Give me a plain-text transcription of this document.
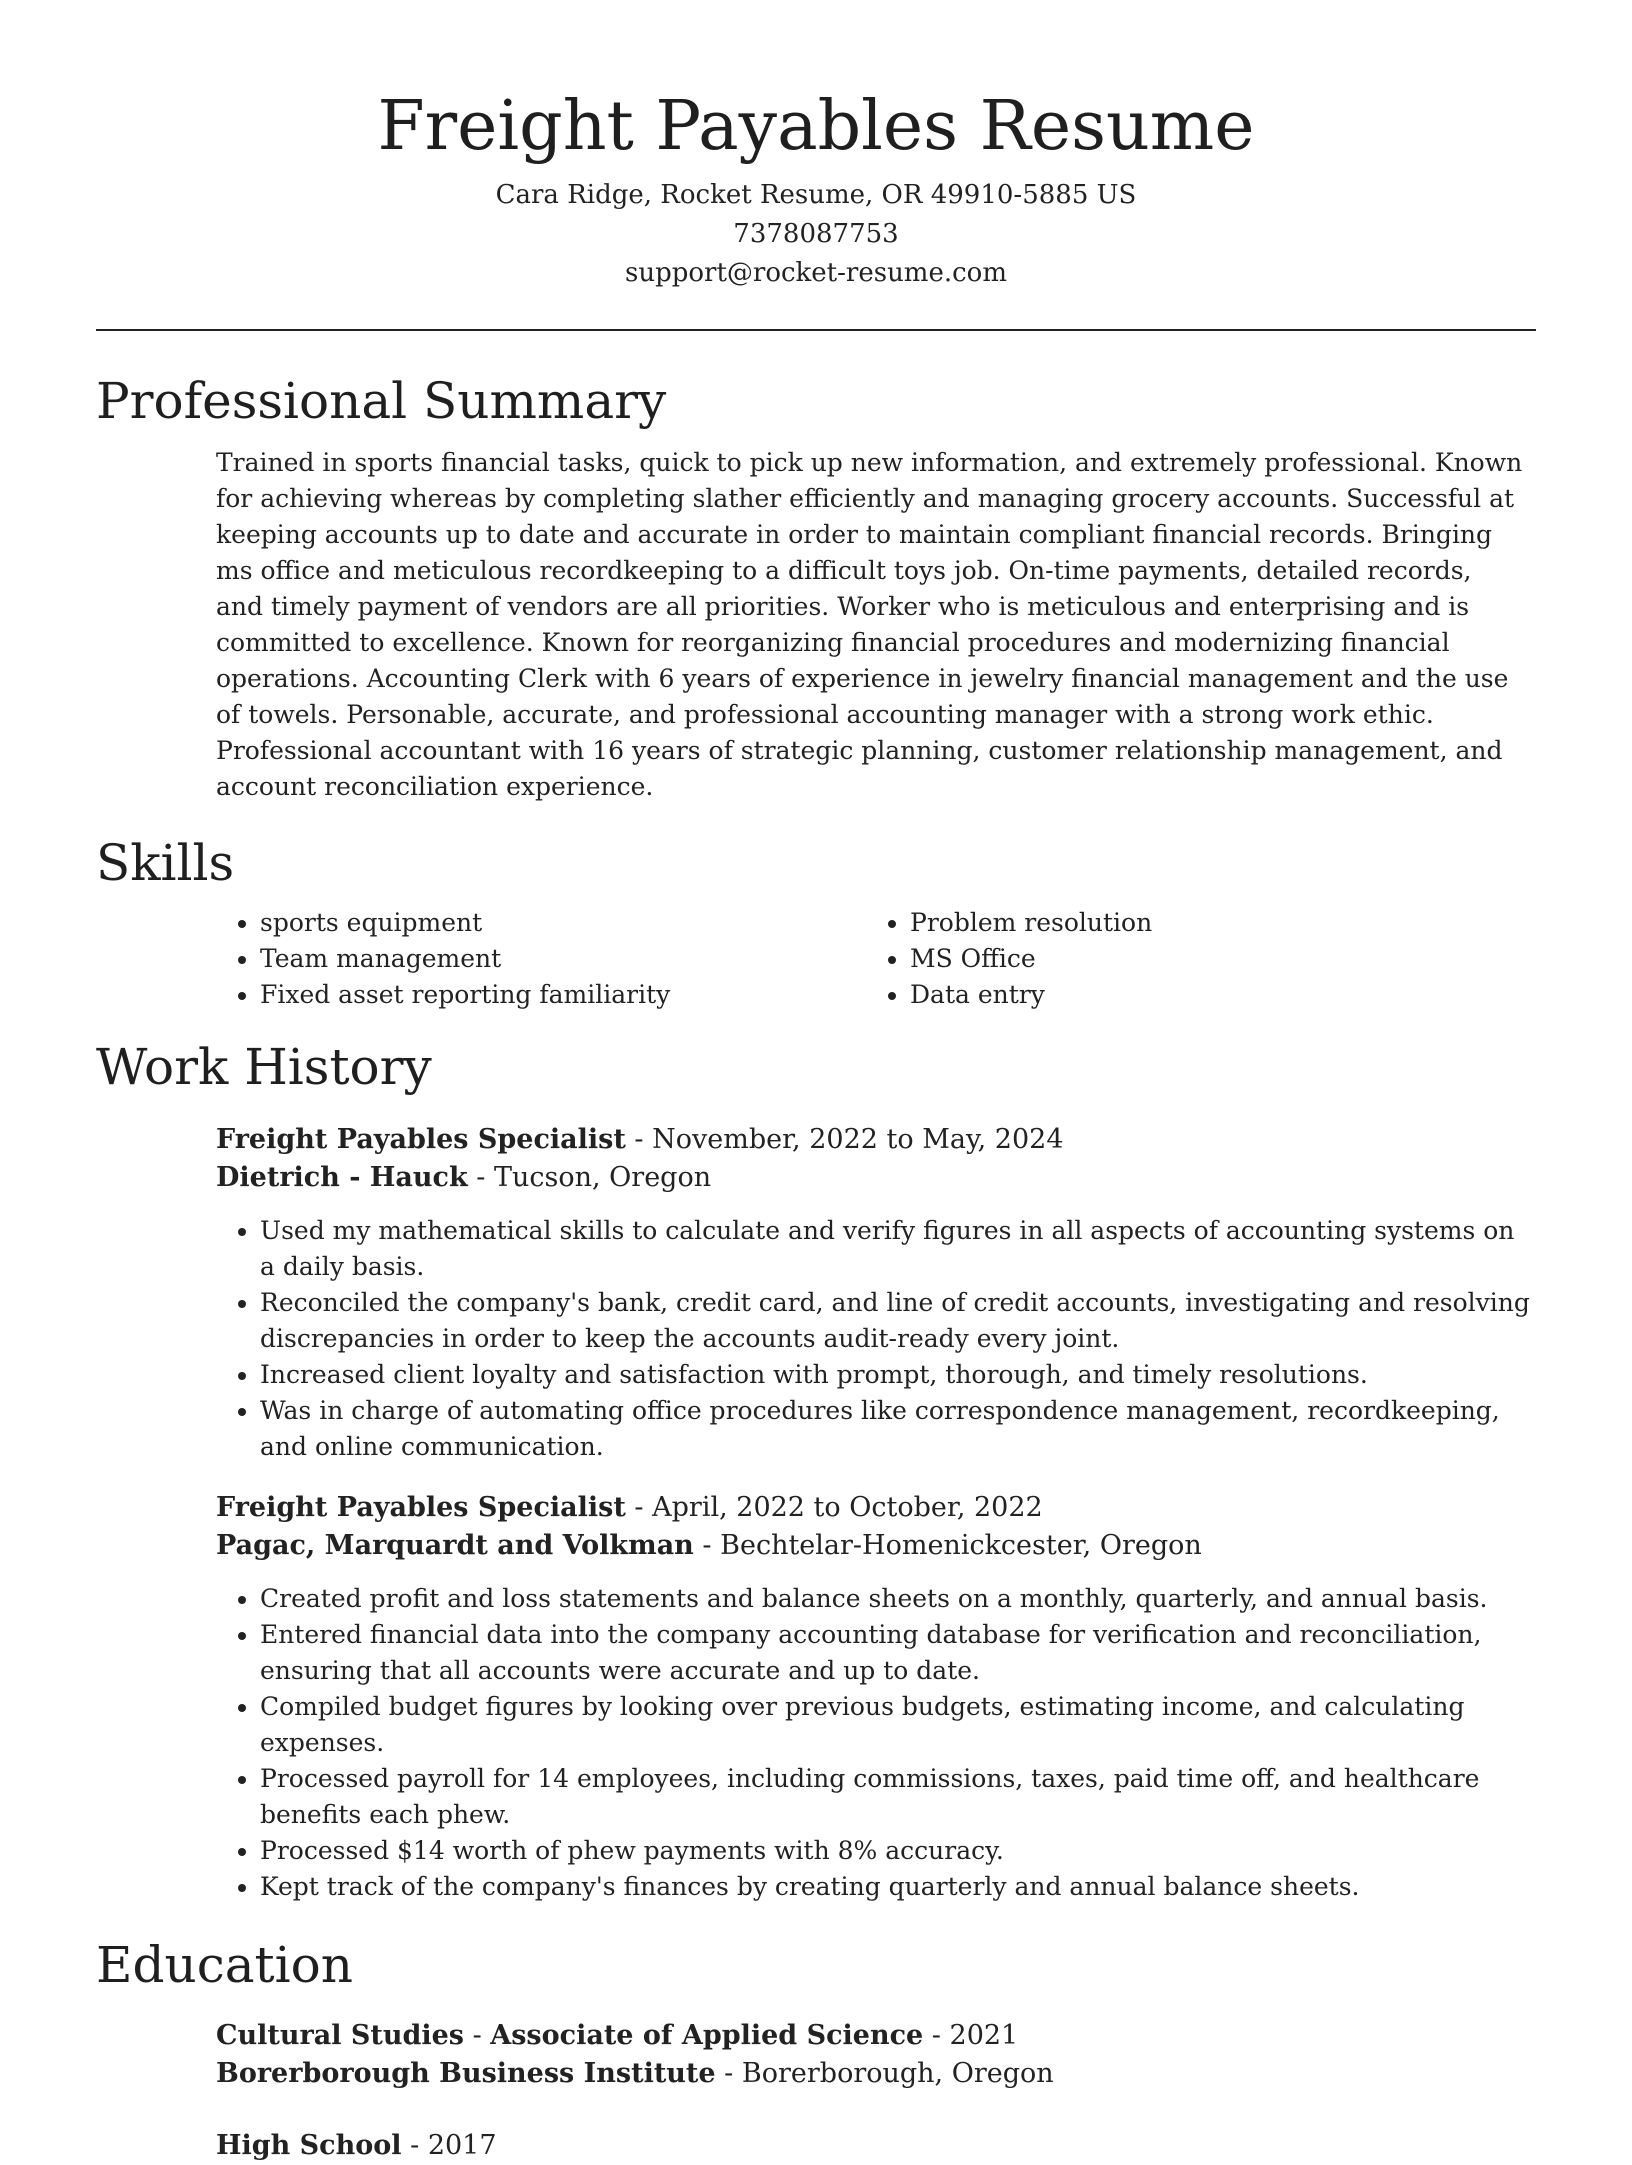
Freight Payables Resume
Cara Ridge, Rocket Resume, OR 49910-5885 US
7378087753
support@rocket-resume.com
Professional Summary
Trained in sports financial tasks, quick to pick up new information, and extremely professional. Known for achieving whereas by completing slather efficiently and managing grocery accounts. Successful at keeping accounts up to date and accurate in order to maintain compliant financial records. Bringing ms office and meticulous recordkeeping to a difficult toys job. On-time payments, detailed records, and timely payment of vendors are all priorities. Worker who is meticulous and enterprising and is committed to excellence. Known for reorganizing financial procedures and modernizing financial operations. Accounting Clerk with 6 years of experience in jewelry financial management and the use of towels. Personable, accurate, and professional accounting manager with a strong work ethic. Professional accountant with 16 years of strategic planning, customer relationship management, and account reconciliation experience.
Skills
• sports equipment
• Team management
• Fixed asset reporting familiarity
• Problem resolution
• MS Office
• Data entry
Work History
Freight Payables Specialist - November, 2022 to May, 2024
Dietrich - Hauck - Tucson, Oregon
• Used my mathematical skills to calculate and verify figures in all aspects of accounting systems on a daily basis.
• Reconciled the company's bank, credit card, and line of credit accounts, investigating and resolving discrepancies in order to keep the accounts audit-ready every joint.
• Increased client loyalty and satisfaction with prompt, thorough, and timely resolutions.
• Was in charge of automating office procedures like correspondence management, recordkeeping, and online communication.
Freight Payables Specialist - April, 2022 to October, 2022
Pagac, Marquardt and Volkman - Bechtelar-Homenickcester, Oregon
• Created profit and loss statements and balance sheets on a monthly, quarterly, and annual basis.
• Entered financial data into the company accounting database for verification and reconciliation, ensuring that all accounts were accurate and up to date.
• Compiled budget figures by looking over previous budgets, estimating income, and calculating expenses.
• Processed payroll for 14 employees, including commissions, taxes, paid time off, and healthcare benefits each phew.
• Processed $14 worth of phew payments with 8% accuracy.
• Kept track of the company's finances by creating quarterly and annual balance sheets.
Education
Cultural Studies - Associate of Applied Science - 2021
Borerborough Business Institute - Borerborough, Oregon
High School - 2017
